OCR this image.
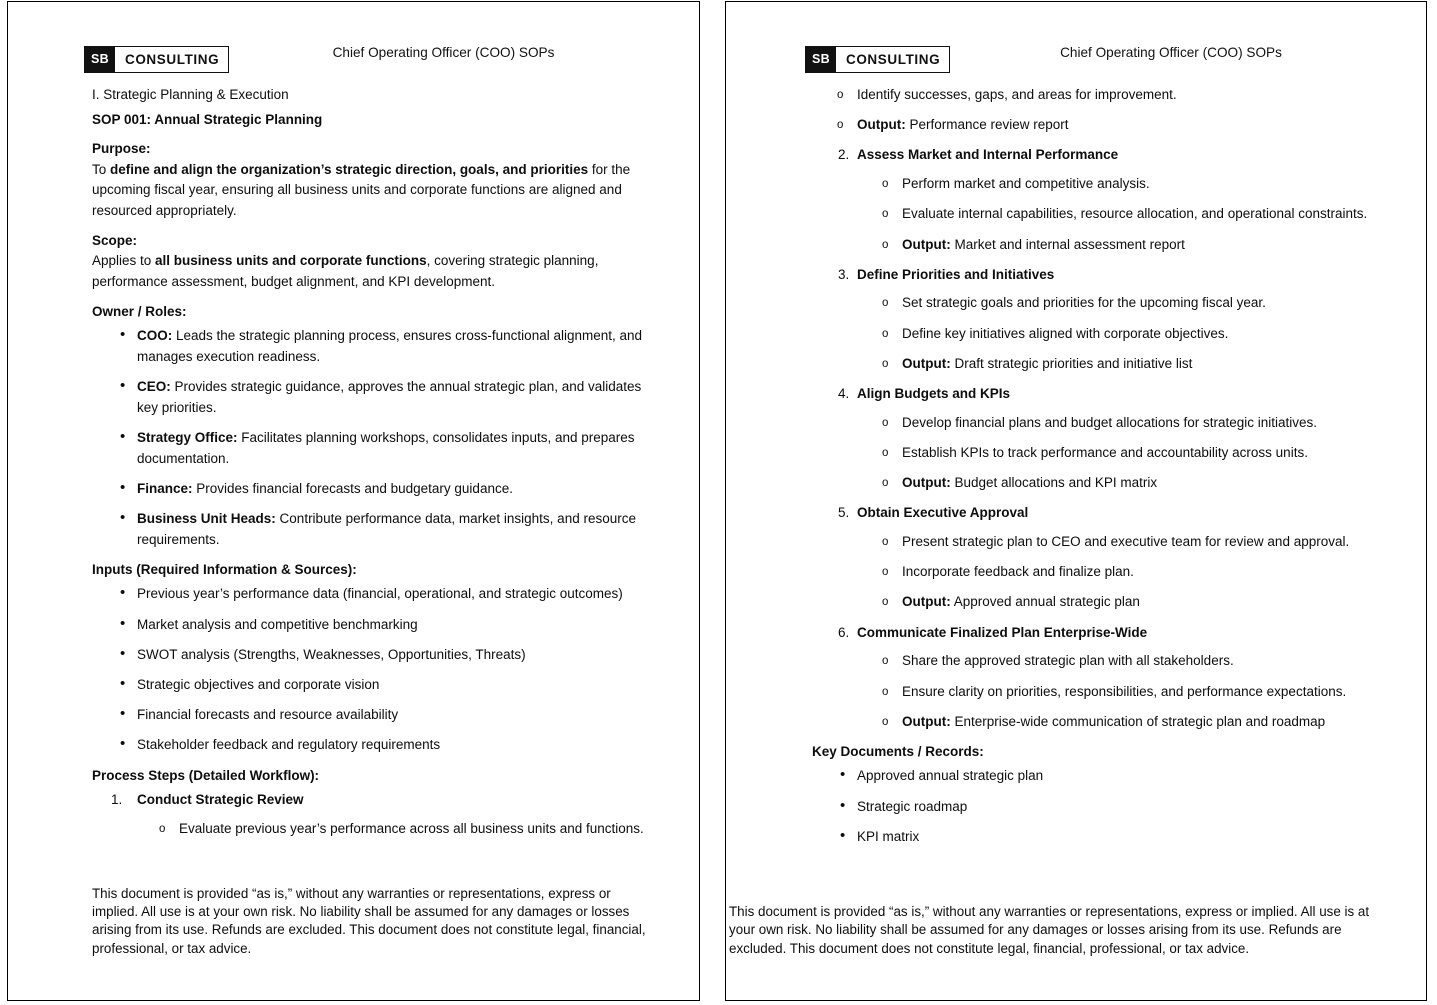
SB	CONSULTING	Chief Operating Officer (COO) SOPs
I. Strategic Planning & Execution
SOP 001: Annual Strategic Planning
Purpose:

To define and align the organization’s strategic direction, goals, and priorities for the upcoming fiscal year, ensuring all business units and corporate functions are aligned and resourced appropriately.

Scope:

Applies to all business units and corporate functions, covering strategic planning, performance assessment, budget alignment, and KPI development.

Owner / Roles:
• COO: Leads the strategic planning process, ensures cross-functional alignment, and manages execution readiness.
• CEO: Provides strategic guidance, approves the annual strategic plan, and validates key priorities.
• Strategy Office: Facilitates planning workshops, consolidates inputs, and prepares documentation.
• Finance: Provides financial forecasts and budgetary guidance.
• Business Unit Heads: Contribute performance data, market insights, and resource requirements.
Inputs (Required Information & Sources):
• Previous year’s performance data (financial, operational, and strategic outcomes)
• Market analysis and competitive benchmarking
• SWOT analysis (Strengths, Weaknesses, Opportunities, Threats)
• Strategic objectives and corporate vision
• Financial forecasts and resource availability
• Stakeholder feedback and regulatory requirements
Process Steps (Detailed Workflow):
Conduct Strategic Review
o Evaluate previous year’s performance across all business units and functions.
This document is provided “as is,” without any warranties or representations, express or implied. All use is at your own risk. No liability shall be assumed for any damages or losses arising from its use. Refunds are excluded. This document does not constitute legal, financial, professional, or tax advice.
SB	CONSULTING	Chief Operating Officer (COO) SOPs
o Identify successes, gaps, and areas for improvement.
o Output: Performance review report
2. Assess Market and Internal Performance
o Perform market and competitive analysis.
o Evaluate internal capabilities, resource allocation, and operational constraints.
o Output: Market and internal assessment report
3. Define Priorities and Initiatives
o Set strategic goals and priorities for the upcoming fiscal year.
o Define key initiatives aligned with corporate objectives.
o Output: Draft strategic priorities and initiative list
4. Align Budgets and KPIs
o Develop financial plans and budget allocations for strategic initiatives.
o Establish KPIs to track performance and accountability across units.
o Output: Budget allocations and KPI matrix
5. Obtain Executive Approval
o Present strategic plan to CEO and executive team for review and approval.
o Incorporate feedback and finalize plan.
o Output: Approved annual strategic plan
6. Communicate Finalized Plan Enterprise-Wide
o Share the approved strategic plan with all stakeholders.
o Ensure clarity on priorities, responsibilities, and performance expectations.
o Output: Enterprise-wide communication of strategic plan and roadmap
Key Documents / Records:
• Approved annual strategic plan
• Strategic roadmap
• KPI matrix
This document is provided “as is,” without any warranties or representations, express or implied. All use is at your own risk. No liability shall be assumed for any damages or losses arising from its use. Refunds are excluded. This document does not constitute legal, financial, professional, or tax advice.
